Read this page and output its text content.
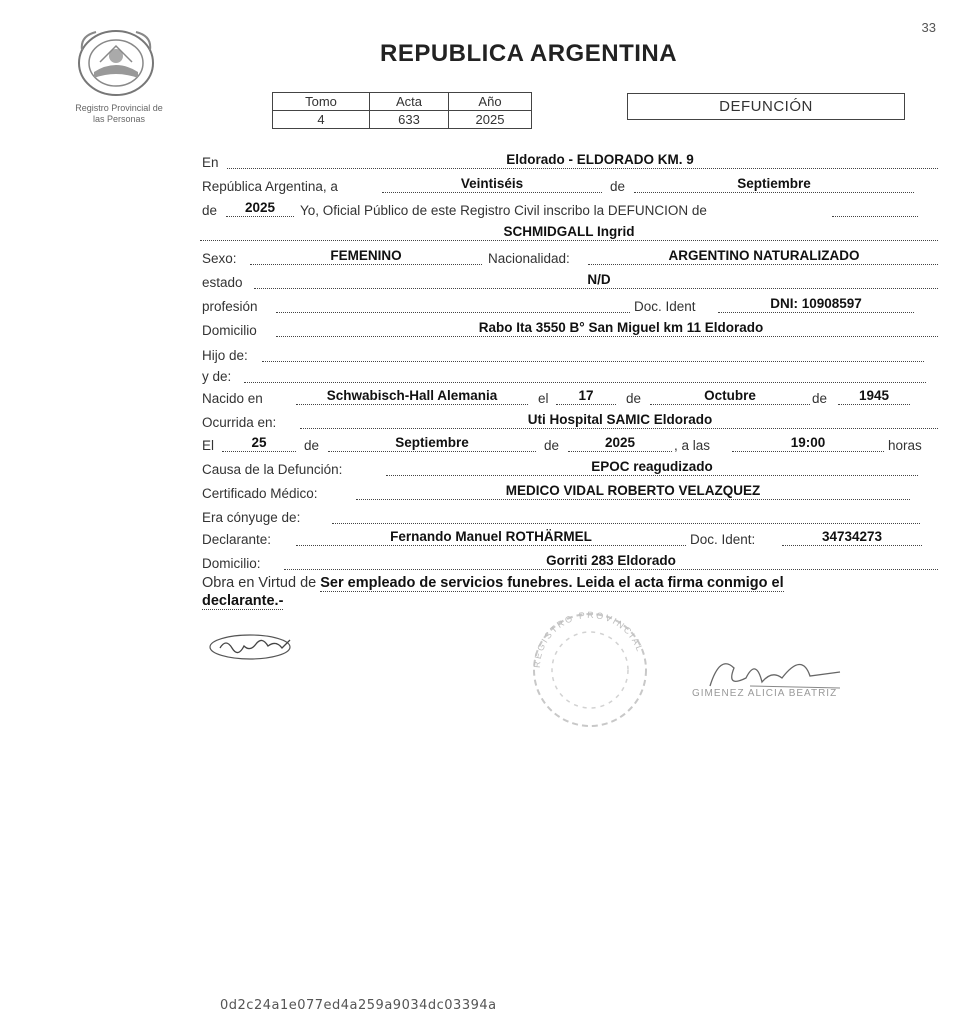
33
Registro Provincial de
las Personas
REPUBLICA ARGENTINA
Tomo	Acta	Año
4	633	2025
DEFUNCIÓN
En	Eldorado - ELDORADO KM. 9
República Argentina, a	Veintiséis	de	Septiembre
de	2025	Yo, Oficial Público de este Registro Civil inscribo la DEFUNCION de
SCHMIDGALL Ingrid
Sexo:	FEMENINO	Nacionalidad:	ARGENTINO NATURALIZADO
estado	N/D
profesión	Doc. Ident	DNI: 10908597
Domicilio	Rabo Ita 3550 B° San Miguel km 11 Eldorado
Hijo de:
y de:
Nacido en	Schwabisch-Hall Alemania	el	17	de	Octubre	de	1945
Ocurrida en:	Uti Hospital SAMIC Eldorado
El	25	de	Septiembre	de	2025	, a las	19:00	horas
Causa de la Defunción:	EPOC reagudizado
Certificado Médico:	MEDICO VIDAL ROBERTO VELAZQUEZ
Era cónyuge de:
Declarante:	Fernando Manuel ROTHÄRMEL	Doc. Ident:	34734273
Domicilio:	Gorriti 283 Eldorado
Obra en Virtud de Ser empleado de servicios funebres. Leida el acta firma conmigo el
declarante.-
REGISTRO PROVINCIAL
GIMENEZ ALICIA BEATRIZ
0d2c24a1e077ed4a259a9034dc03394a
